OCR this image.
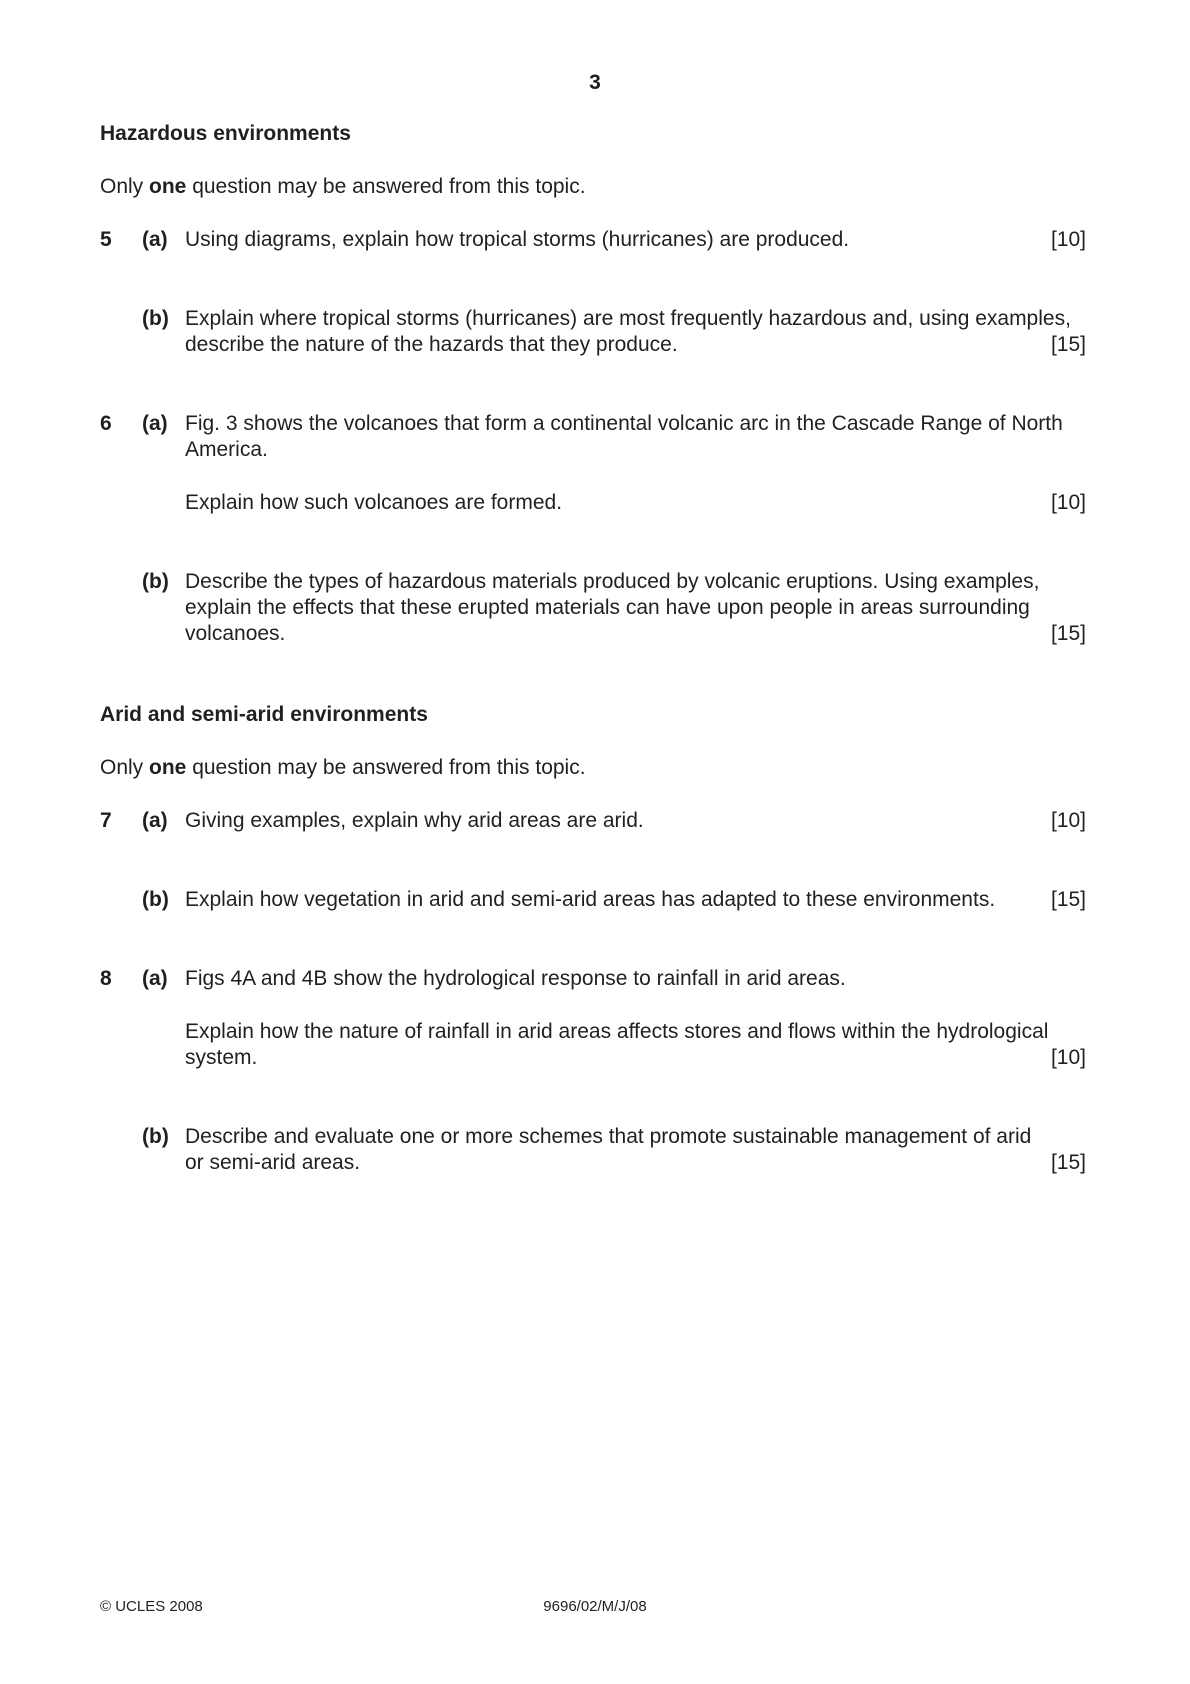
3
Hazardous environments
Only one question may be answered from this topic.
5 (a) Using diagrams, explain how tropical storms (hurricanes) are produced.	[10]
(b) Explain where tropical storms (hurricanes) are most frequently hazardous and, using examples,
describe the nature of the hazards that they produce.	[15]
6 (a) Fig. 3 shows the volcanoes that form a continental volcanic arc in the Cascade Range of North
America.
Explain how such volcanoes are formed.	[10]
(b) Describe the types of hazardous materials produced by volcanic eruptions. Using examples,
explain the effects that these erupted materials can have upon people in areas surrounding
volcanoes.	[15]
Arid and semi-arid environments
Only one question may be answered from this topic.
7 (a) Giving examples, explain why arid areas are arid.	[10]
(b) Explain how vegetation in arid and semi-arid areas has adapted to these environments.	[15]
8 (a) Figs 4A and 4B show the hydrological response to rainfall in arid areas.
Explain how the nature of rainfall in arid areas affects stores and flows within the hydrological
system.	[10]
(b) Describe and evaluate one or more schemes that promote sustainable management of arid
or semi-arid areas.	[15]
© UCLES 2008	9696/02/M/J/08
